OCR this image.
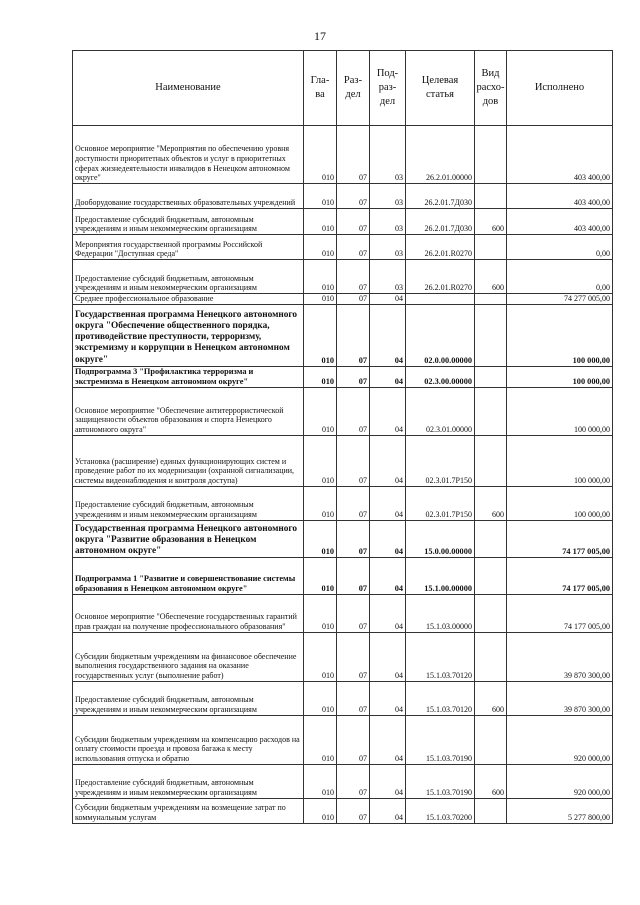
17
Наименование	Гла- ва	Раз- дел	Под- раз- дел	Целевая статья	Вид расхо- дов	Исполнено
Основное мероприятие "Мероприятия по обеспечению уровня доступности приоритетных объектов и услуг в приоритетных сферах жизнедеятельности инвалидов в Ненецком автономном округе"	010	07	03	26.2.01.00000		403 400,00
Дооборудование государственных образовательных учреждений	010	07	03	26.2.01.7Д030		403 400,00
Предоставление субсидий бюджетным, автономным учреждениям и иным некоммерческим организациям	010	07	03	26.2.01.7Д030	600	403 400,00
Мероприятия государственной программы Российской Федерации "Доступная среда"	010	07	03	26.2.01.R0270		0,00
Предоставление субсидий бюджетным, автономным учреждениям и иным некоммерческим организациям	010	07	03	26.2.01.R0270	600	0,00
Среднее профессиональное образование	010	07	04			74 277 005,00
Государственная программа Ненецкого автономного округа "Обеспечение общественного порядка, противодействие преступности, терроризму, экстремизму и коррупции в Ненецком автономном округе"	010	07	04	02.0.00.00000		100 000,00
Подпрограмма 3 "Профилактика терроризма и экстремизма в Ненецком автономном округе"	010	07	04	02.3.00.00000		100 000,00
Основное мероприятие "Обеспечение антитеррористической защищенности объектов образования и спорта Ненецкого автономного округа"	010	07	04	02.3.01.00000		100 000,00
Установка (расширение) единых функционирующих систем и проведение работ по их модернизации (охранной сигнализации, системы видеонаблюдения и контроля доступа)	010	07	04	02.3.01.7P150		100 000,00
Предоставление субсидий бюджетным, автономным учреждениям и иным некоммерческим организациям	010	07	04	02.3.01.7P150	600	100 000,00
Государственная программа Ненецкого автономного округа "Развитие образования в Ненецком автономном округе"	010	07	04	15.0.00.00000		74 177 005,00
Подпрограмма 1 "Развитие и совершенствование системы образования в Ненецком автономном округе"	010	07	04	15.1.00.00000		74 177 005,00
Основное мероприятие "Обеспечение государственных гарантий прав граждан на получение профессионального образования"	010	07	04	15.1.03.00000		74 177 005,00
Субсидии бюджетным учреждениям на финансовое обеспечение выполнения государственного задания на оказание государственных услуг (выполнение работ)	010	07	04	15.1.03.70120		39 870 300,00
Предоставление субсидий бюджетным, автономным учреждениям и иным некоммерческим организациям	010	07	04	15.1.03.70120	600	39 870 300,00
Субсидии бюджетным учреждениям на компенсацию расходов на оплату стоимости проезда и провоза багажа к месту использования отпуска и обратно	010	07	04	15.1.03.70190		920 000,00
Предоставление субсидий бюджетным, автономным учреждениям и иным некоммерческим организациям	010	07	04	15.1.03.70190	600	920 000,00
Субсидии бюджетным учреждениям на возмещение затрат по коммунальным услугам	010	07	04	15.1.03.70200		5 277 800,00
